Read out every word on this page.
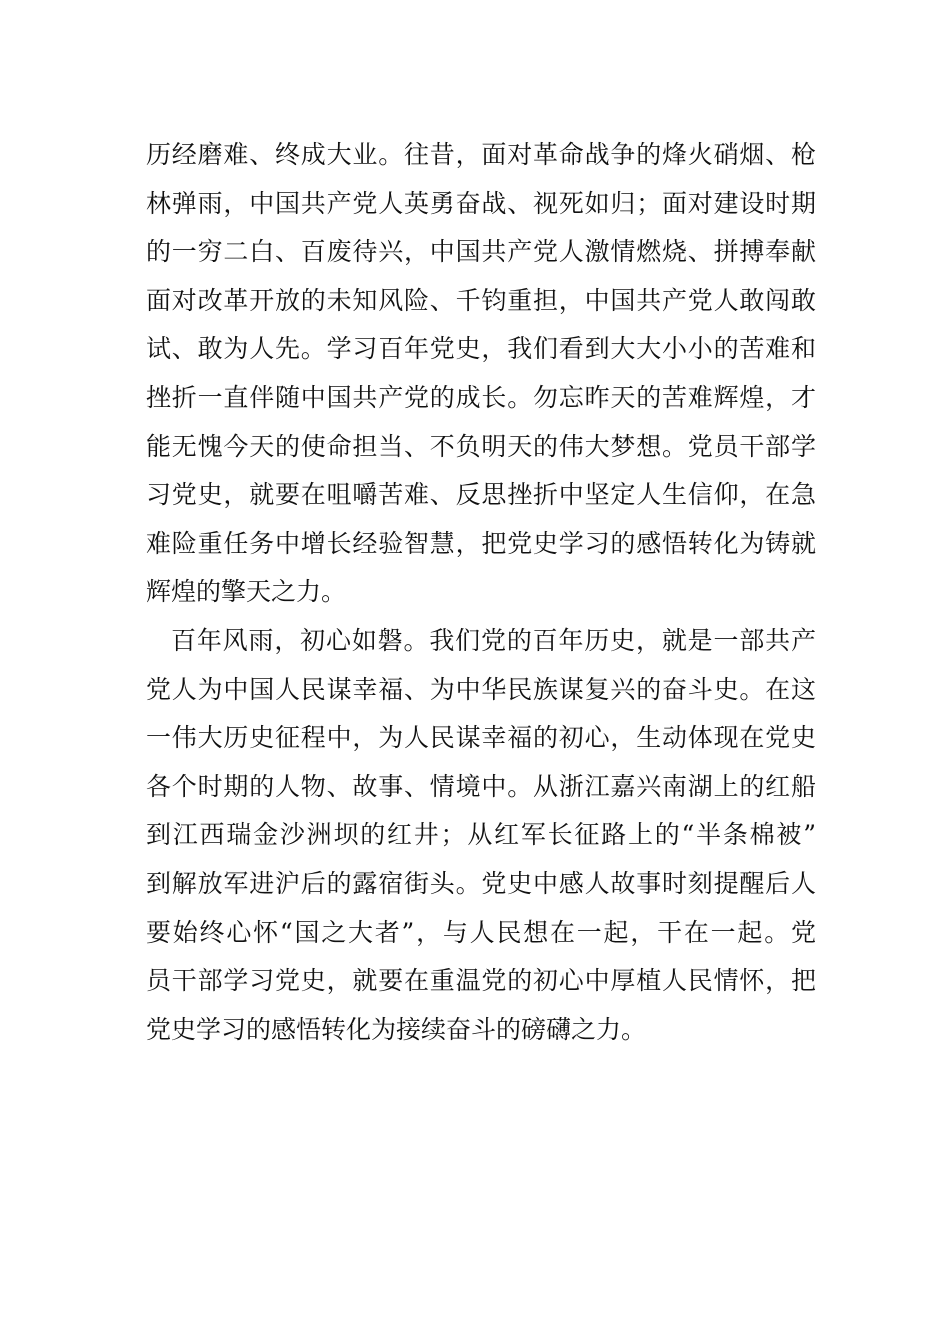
历经磨难、终成大业。往昔，面对革命战争的烽火硝烟、枪
林弹雨，中国共产党人英勇奋战、视死如归；面对建设时期
的一穷二白、百废待兴，中国共产党人激情燃烧、拼搏奉献
面对改革开放的未知风险、千钧重担，中国共产党人敢闯敢
试、敢为人先。学习百年党史，我们看到大大小小的苦难和
挫折一直伴随中国共产党的成长。勿忘昨天的苦难辉煌，才
能无愧今天的使命担当、不负明天的伟大梦想。党员干部学
习党史，就要在咀嚼苦难、反思挫折中坚定人生信仰，在急
难险重任务中增长经验智慧，把党史学习的感悟转化为铸就
辉煌的擎天之力。
百年风雨，初心如磐。我们党的百年历史，就是一部共产
党人为中国人民谋幸福、为中华民族谋复兴的奋斗史。在这
一伟大历史征程中，为人民谋幸福的初心，生动体现在党史
各个时期的人物、故事、情境中。从浙江嘉兴南湖上的红船
到江西瑞金沙洲坝的红井；从红军长征路上的“半条棉被”
到解放军进沪后的露宿街头。党史中感人故事时刻提醒后人
要始终心怀“国之大者”，与人民想在一起，干在一起。党
员干部学习党史，就要在重温党的初心中厚植人民情怀，把
党史学习的感悟转化为接续奋斗的磅礴之力。
